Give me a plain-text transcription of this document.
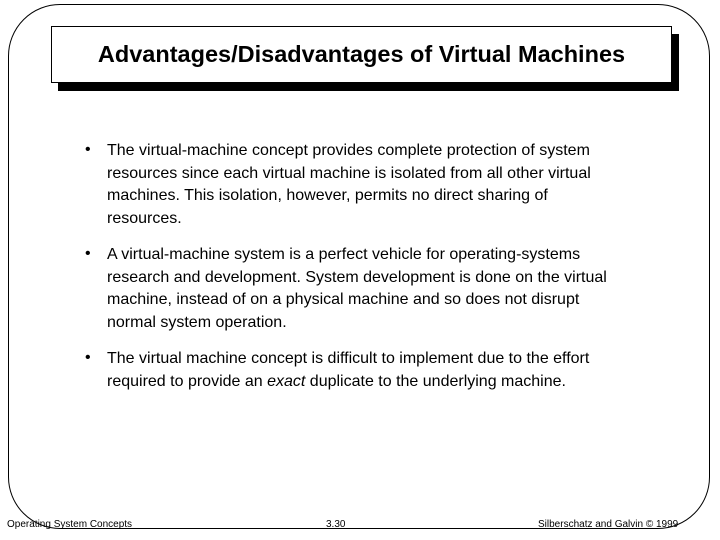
Advantages/Disadvantages of Virtual Machines
• The virtual-machine concept provides complete protection of system resources since each virtual machine is isolated from all other virtual machines. This isolation, however, permits no direct sharing of resources.
• A virtual-machine system is a perfect vehicle for operating-systems research and development. System development is done on the virtual machine, instead of on a physical machine and so does not disrupt normal system operation.
• The virtual machine concept is difficult to implement due to the effort required to provide an exact duplicate to the underlying machine.
Operating System Concepts	3.30	Silberschatz and Galvin © 1999
